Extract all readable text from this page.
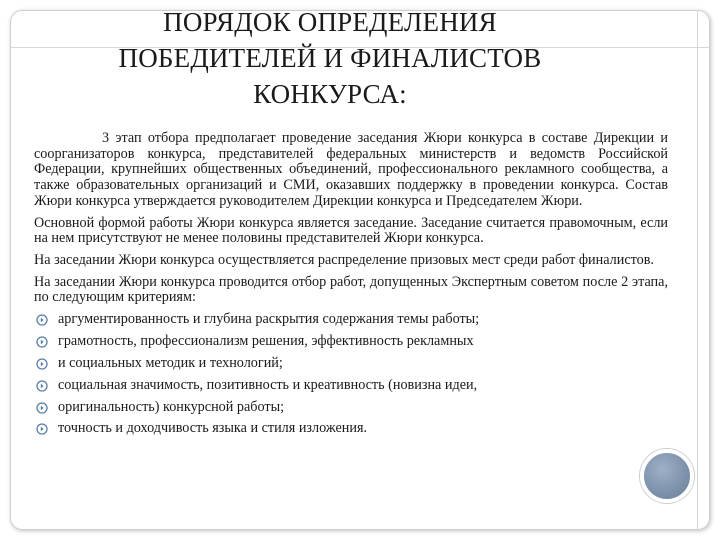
ПОРЯДОК ОПРЕДЕЛЕНИЯ
ПОБЕДИТЕЛЕЙ И ФИНАЛИСТОВ
КОНКУРСА:

3 этап отбора предполагает проведение заседания Жюри конкурса в составе Дирекции и соорганизаторов конкурса, представителей федеральных министерств и ведомств Российской Федерации, крупнейших общественных объединений, профессионального рекламного сообщества, а также образовательных организаций и СМИ, оказавших поддержку в проведении конкурса. Состав Жюри конкурса утверждается руководителем Дирекции конкурса и Председателем Жюри.

Основной формой работы Жюри конкурса является заседание. Заседание считается правомочным, если на нем присутствуют не менее половины представителей Жюри конкурса.

На заседании Жюри конкурса осуществляется распределение призовых мест среди работ финалистов.

На заседании Жюри конкурса проводится отбор работ, допущенных Экспертным советом после 2 этапа, по следующим критериям:

аргументированность и глубина раскрытия содержания темы работы;
грамотность, профессионализм решения, эффективность рекламных
и социальных методик и технологий;
социальная значимость, позитивность и креативность (новизна идеи,
оригинальность) конкурсной работы;
точность и доходчивость языка и стиля изложения.
